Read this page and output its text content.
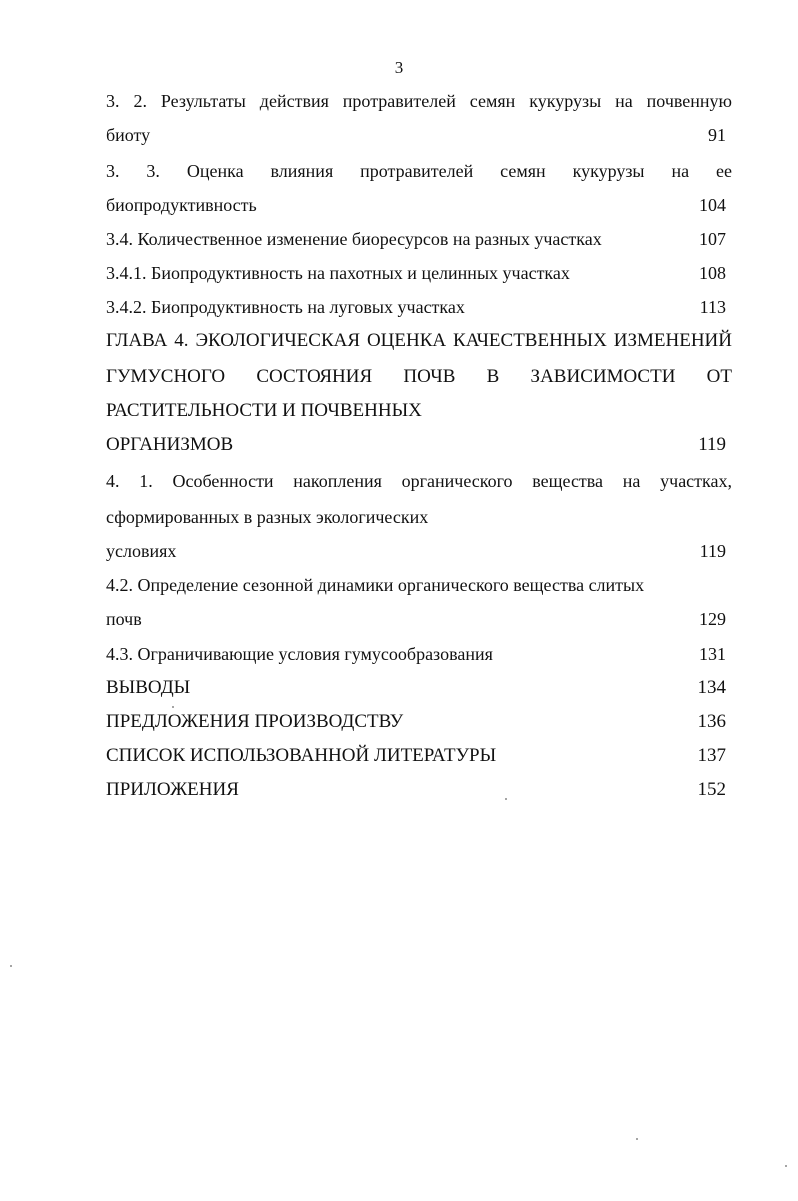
3
3. 2. Результаты действия протравителей семян кукурузы на почвенную
биоту	91
3. 3. Оценка влияния протравителей семян кукурузы на ее
биопродуктивность	104
3.4. Количественное изменение биоресурсов на разных участках	107
3.4.1. Биопродуктивность на пахотных и целинных участках	108
3.4.2. Биопродуктивность на луговых участках	113
ГЛАВА 4. ЭКОЛОГИЧЕСКАЯ ОЦЕНКА КАЧЕСТВЕННЫХ ИЗМЕНЕНИЙ
ГУМУСНОГО СОСТОЯНИЯ ПОЧВ В ЗАВИСИМОСТИ ОТ
РАСТИТЕЛЬНОСТИ И ПОЧВЕННЫХ
ОРГАНИЗМОВ	119
4. 1. Особенности накопления органического вещества на участках,
сформированных в разных экологических
условиях	119
4.2. Определение сезонной динамики органического вещества слитых
почв	129
4.3. Ограничивающие условия гумусообразования	131
ВЫВОДЫ	134
ПРЕДЛОЖЕНИЯ ПРОИЗВОДСТВУ	136
СПИСОК ИСПОЛЬЗОВАННОЙ ЛИТЕРАТУРЫ	137
ПРИЛОЖЕНИЯ	152
